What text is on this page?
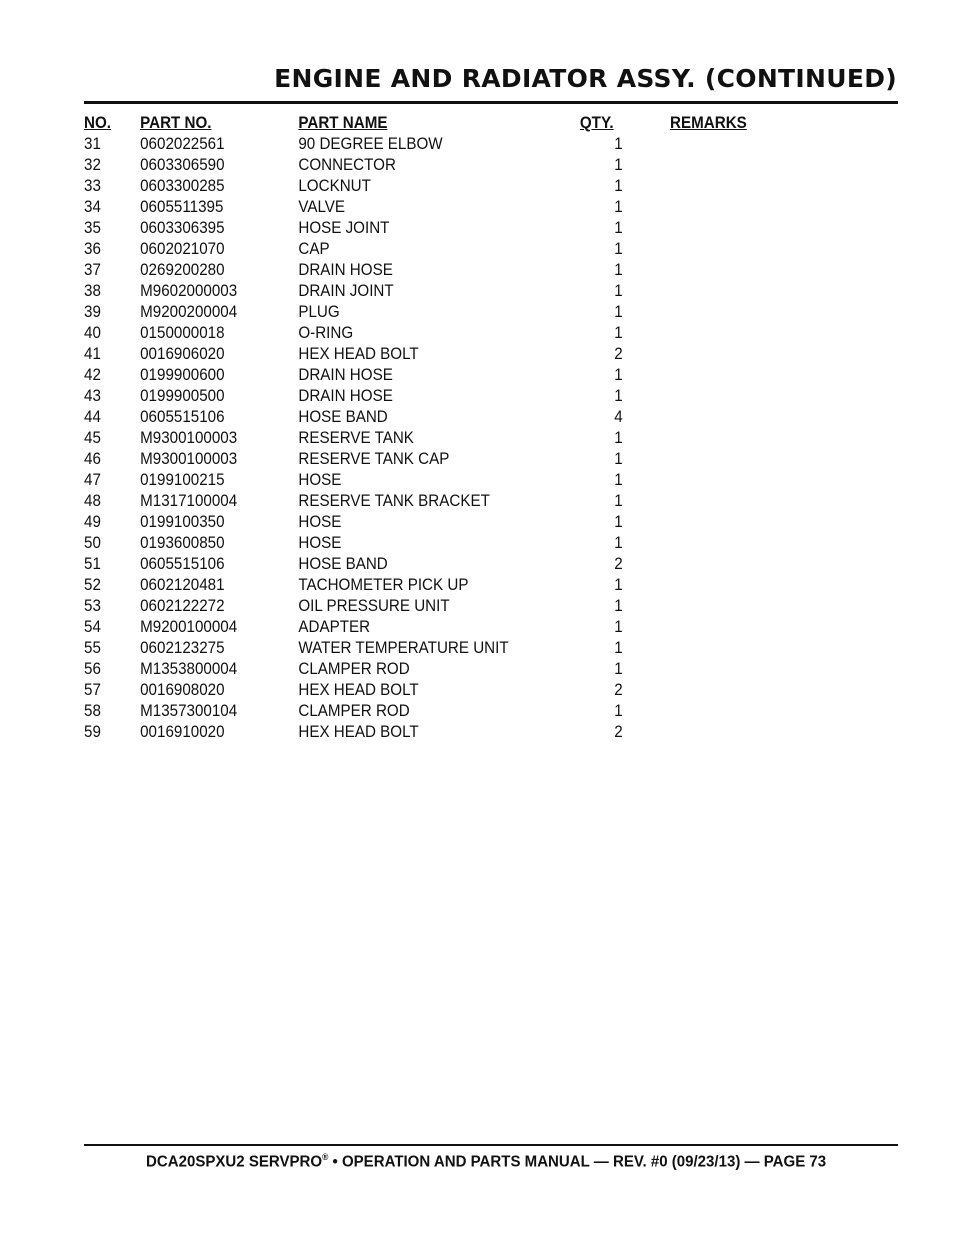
ENGINE AND RADIATOR ASSY. (CONTINUED)
NO. PART NO.	PART NAME	QTY.	REMARKS
31 0602022561	90 DEGREE ELBOW	1
32 0603306590	CONNECTOR	1
33 0603300285	LOCKNUT	1
34 0605511395	VALVE	1
35 0603306395	HOSE JOINT	1
36 0602021070	CAP	1
37 0269200280	DRAIN HOSE	1
38 M9602000003	DRAIN JOINT	1
39 M9200200004	PLUG	1
40 0150000018	O-RING	1
41 0016906020	HEX HEAD BOLT	2
42 0199900600	DRAIN HOSE	1
43 0199900500	DRAIN HOSE	1
44 0605515106	HOSE BAND	4
45 M9300100003	RESERVE TANK	1
46 M9300100003	RESERVE TANK CAP	1
47 0199100215	HOSE	1
48 M1317100004	RESERVE TANK BRACKET	1
49 0199100350	HOSE	1
50 0193600850	HOSE	1
51 0605515106	HOSE BAND	2
52 0602120481	TACHOMETER PICK UP	1
53 0602122272	OIL PRESSURE UNIT	1
54 M9200100004	ADAPTER	1
55 0602123275	WATER TEMPERATURE UNIT	1
56 M1353800004	CLAMPER ROD	1
57 0016908020	HEX HEAD BOLT	2
58 M1357300104	CLAMPER ROD	1
59 0016910020	HEX HEAD BOLT	2
DCA20SPXU2 SERVPRO® • OPERATION AND PARTS MANUAL — REV. #0 (09/23/13) — PAGE 73
